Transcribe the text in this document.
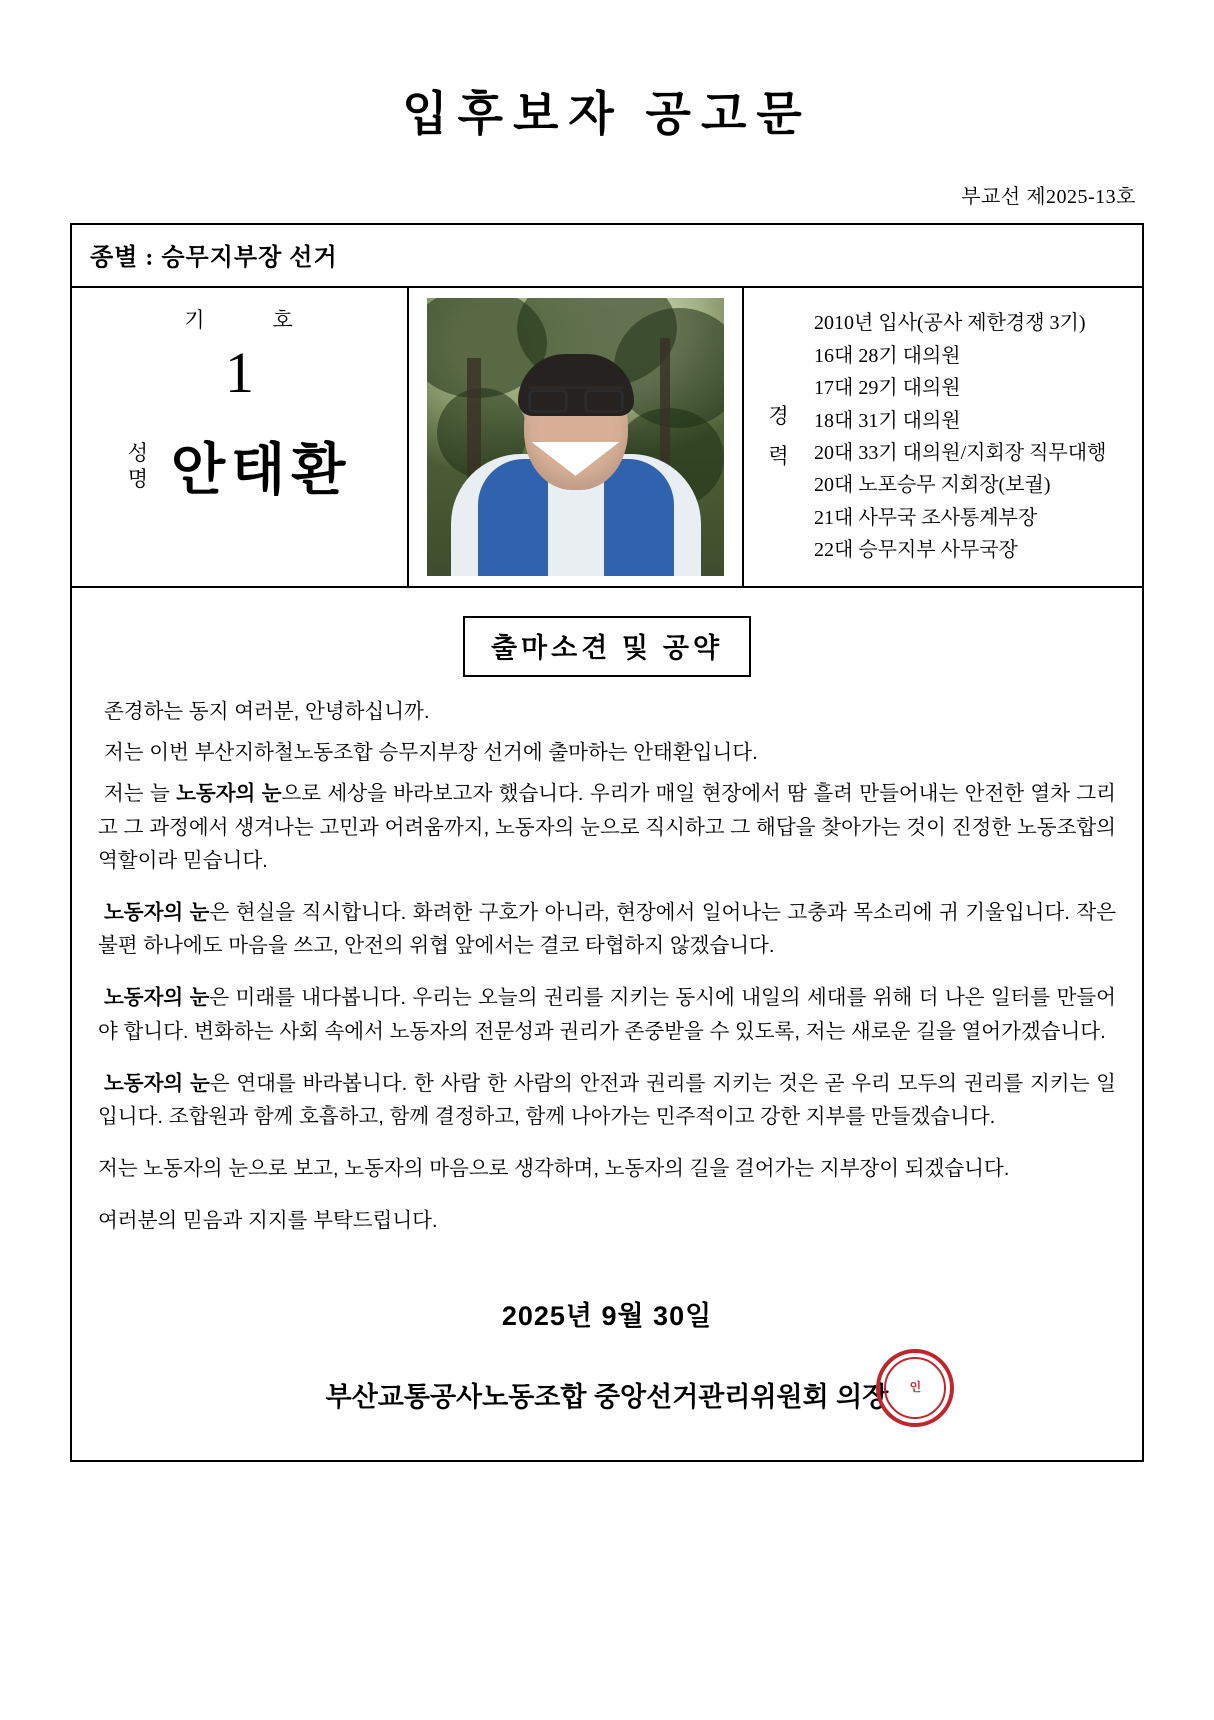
입후보자 공고문
부교선 제2025-13호
종별 : 승무지부장 선거
기	호
1
성
명 안태환
경
력
2010년 입사(공사 제한경쟁 3기)
16대 28기 대의원
17대 29기 대의원
18대 31기 대의원
20대 33기 대의원/지회장 직무대행
20대 노포승무 지회장(보궐)
21대 사무국 조사통계부장
22대 승무지부 사무국장
출마소견 및 공약

존경하는 동지 여러분, 안녕하십니까.

저는 이번 부산지하철노동조합 승무지부장 선거에 출마하는 안태환입니다.

저는 늘 노동자의 눈으로 세상을 바라보고자 했습니다. 우리가 매일 현장에서 땀 흘려 만들어내는 안전한 열차 그리고 그 과정에서 생겨나는 고민과 어려움까지, 노동자의 눈으로 직시하고 그 해답을 찾아가는 것이 진정한 노동조합의 역할이라 믿습니다.

노동자의 눈은 현실을 직시합니다. 화려한 구호가 아니라, 현장에서 일어나는 고충과 목소리에 귀 기울입니다. 작은 불편 하나에도 마음을 쓰고, 안전의 위협 앞에서는 결코 타협하지 않겠습니다.

노동자의 눈은 미래를 내다봅니다. 우리는 오늘의 권리를 지키는 동시에 내일의 세대를 위해 더 나은 일터를 만들어야 합니다. 변화하는 사회 속에서 노동자의 전문성과 권리가 존중받을 수 있도록, 저는 새로운 길을 열어가겠습니다.

노동자의 눈은 연대를 바라봅니다. 한 사람 한 사람의 안전과 권리를 지키는 것은 곧 우리 모두의 권리를 지키는 일입니다. 조합원과 함께 호흡하고, 함께 결정하고, 함께 나아가는 민주적이고 강한 지부를 만들겠습니다.

저는 노동자의 눈으로 보고, 노동자의 마음으로 생각하며, 노동자의 길을 걸어가는 지부장이 되겠습니다.

여러분의 믿음과 지지를 부탁드립니다.

2025년 9월 30일
부산교통공사노동조합 중앙선거관리위원회 의장	인
